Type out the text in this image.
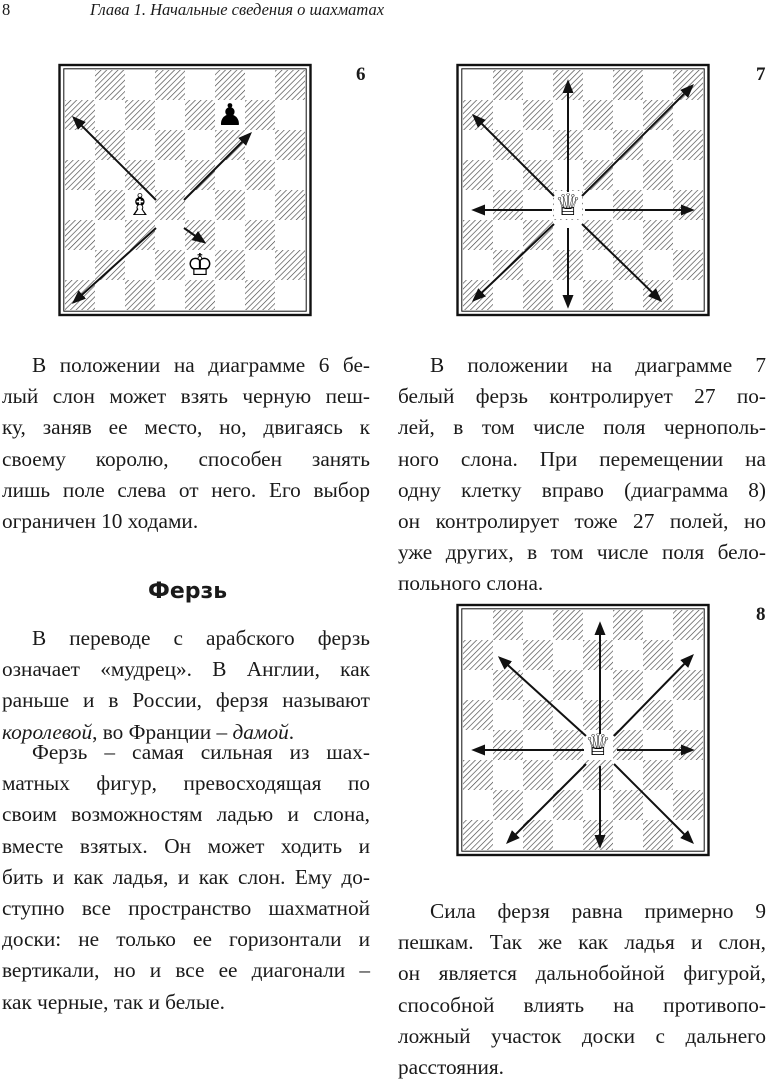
8	Глава 1. Начальные сведения о шахматах
♟
♗
♔
6
♕
7
♕
8

В положении на диаграмме 6 бе-
лый слон может взять черную пеш-
ку, заняв ее место, но, двигаясь к
своему королю, способен занять
лишь поле слева от него. Его выбор
ограничен 10 ходами.

Ферзь

В переводе с арабского ферзь
означает «мудрец». В Англии, как
раньше и в России, ферзя называют
королевой, во Франции – дамой.

Ферзь – самая сильная из шах-
матных фигур, превосходящая по
своим возможностям ладью и слона,
вместе взятых. Он может ходить и
бить и как ладья, и как слон. Ему до-
ступно все пространство шахматной
доски: не только ее горизонтали и
вертикали, но и все ее диагонали –
как черные, так и белые.

В положении на диаграмме 7
белый ферзь контролирует 27 по-
лей, в том числе поля чернополь-
ного слона. При перемещении на
одну клетку вправо (диаграмма 8)
он контролирует тоже 27 полей, но
уже других, в том числе поля бело-
польного слона.

Сила ферзя равна примерно 9
пешкам. Так же как ладья и слон,
он является дальнобойной фигурой,
способной влиять на противопо-
ложный участок доски с дальнего
расстояния.
